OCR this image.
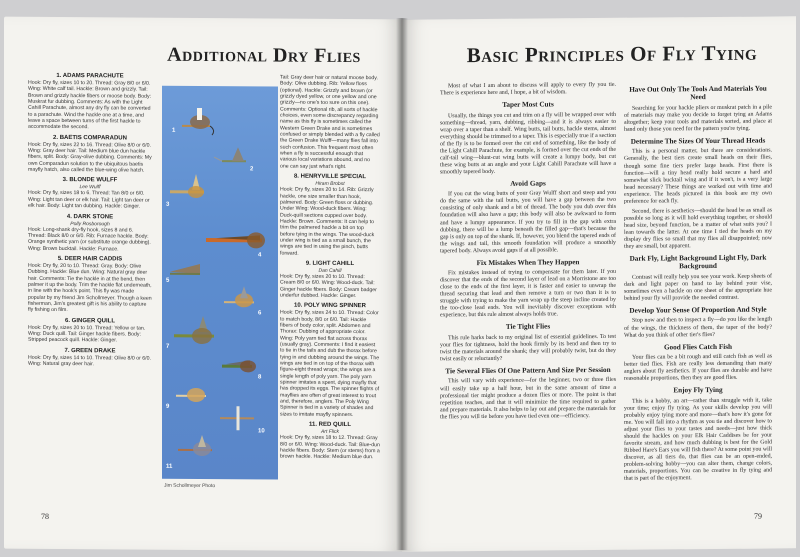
Additional Dry Flies
1. ADAMS PARACHUTE

Hook: Dry fly, sizes 10 to 20. Thread: Gray 8/0 or 6/0. Wing: White calf tail. Hackle: Brown and grizzly. Tail: Brown and grizzly hackle fibers or moose body. Body: Muskrat fur dubbing. Comments: As with the Light Cahill Parachute, almost any dry fly can be converted to a parachute. Wind the hackle one at a time, and leave a space between turns of the first hackle to accommodate the second.

2. BAETIS COMPARADUN

Hook: Dry fly, sizes 22 to 16. Thread: Olive 8/0 or 6/0. Wing: Gray deer hair. Tail: Medium blue dun hackle fibers, split. Body: Gray-olive dubbing. Comments: My own Comparadun solution to the ubiquitous baetis mayfly hatch, also called the blue-wing olive hatch.

3. BLONDE WULFF
Lee Wulff

Hook: Dry fly, sizes 18 to 6. Thread: Tan 8/0 or 6/0. Wing: Light tan deer or elk hair. Tail: Light tan deer or elk hair. Body: Light tan dubbing. Hackle: Ginger.

4. DARK STONE
Polly Rosborough

Hook: Long-shank dry-fly hook, sizes 8 and 6. Thread: Black 8/0 or 6/0. Rib: Furnace hackle. Body: Orange synthetic yarn (or substitute orange dubbing). Wing: Brown bucktail. Hackle: Furnace.

5. DEER HAIR CADDIS

Hook: Dry fly, 20 to 10. Thread: Gray. Body: Olive Dubbing. Hackle: Blue dun. Wing: Natural gray deer hair. Comments: Tie the hackle in at the bend, then palmer it up the body. Trim the hackle flat underneath, in line with the hook's point. This fly was made popular by my friend Jim Schollmeyer. Though a keen fisherman, Jim's greatest gift is his ability to capture fly fishing on film.

6. GINGER QUILL

Hook: Dry fly, sizes 20 to 10. Thread: Yellow or tan. Wing: Duck quill. Tail: Ginger hackle fibers. Body: Stripped peacock quill. Hackle: Ginger.

7. GREEN DRAKE

Hook: Dry fly, sizes 14 to 10. Thread: Olive 8/0 or 6/0. Wing: Natural gray deer hair.

1
2
3
4
5
6
7
8
9
10
11
Jim Schollmeyer Photo

Tail: Gray deer hair or natural moose body. Body: Olive dubbing. Rib: Yellow floss (optional). Hackle: Grizzly and brown (or grizzly dyed yellow, or one yellow and one grizzly—no one's too sure on this one). Comments: Optional rib, all sorts of hackle choices, even some discrepancy regarding name as this fly is sometimes called the Western Green Drake and is sometimes confused or simply blended with a fly called the Green Drake Wulff—many flies fall into such confusion. This frequent most often when a fly is successful enough that various local variations abound, and no one can say just what's right.

8. HENRYVILLE SPECIAL
Hiram Brobst

Hook: Dry fly, sizes 20 to 14. Rib: Grizzly hackle, one size smaller than hook, palmered. Body: Green floss or dubbing. Under Wing: Wood-duck fibers. Wing: Duck-quill sections cupped over body. Hackle: Brown. Comments: It can help to trim the palmered hackle a bit on top before tying in the wings. The wood-duck under wing is tied as a small bunch, the wings are tied in using the pinch, butts forward.

9. LIGHT CAHILL
Dan Cahill

Hook: Dry fly, sizes 20 to 10. Thread: Cream 8/0 or 6/0. Wing: Wood-duck. Tail: Ginger hackle fibers. Body: Cream badger underfur dubbed. Hackle: Ginger.

10. POLY WING SPINNER

Hook: Dry fly, sizes 24 to 10. Thread: Color to match body, 8/0 or 6/0. Tail: Hackle fibers of body color, split. Abdomen and Thorax: Dubbing of appropriate color. Wing: Poly yarn tied flat across thorax (usually gray). Comments: I find it easiest to tie in the tails and dub the thorax before tying in and dubbing around the wings. The wings are tied in on top of the thorax with figure-eight thread wraps; the wings are a single length of poly yarn. The poly yarn spinner imitates a spent, dying mayfly that has dropped its eggs. The spinner flights of mayflies are often of great interest to trout and, therefore, anglers. The Poly Wing Spinner is tied in a variety of shades and sizes to imitate mayfly spinners.

11. RED QUILL
Art Flick

Hook: Dry fly, sizes 18 to 12. Thread: Gray 8/0 or 6/0. Wing: Wood-duck. Tail: Blue-dun hackle fibers. Body: Stem (or stems) from a brown hackle. Hackle: Medium blue dun.

78
Basic Principles Of Fly Tying

Most of what I am about to discuss will apply to every fly you tie. There is experience here and, I hope, a bit of wisdom.

Taper Most Cuts

Usually, the things you cut and trim on a fly will be wrapped over with something—thread, yarn, dubbing, ribbing—and it is always easier to wrap over a taper than a shelf. Wing butts, tail butts, hackle stems, almost everything should be trimmed to a taper. This is especially true if a section of the fly is to be formed over the cut end of something, like the body of the Light Cahill Parachute, for example, is formed over the cut ends of the calf-tail wing—blunt-cut wing butts will create a lumpy body, but cut these wing butts at an angle and your Light Cahill Parachute will have a smoothly tapered body.

Avoid Gaps

If you cut the wing butts of your Gray Wulff short and steep and you do the same with the tail butts, you will have a gap between the two consisting of only shank and a bit of thread. The body you dub over this foundation will also have a gap; this body will also be awkward to form and have a lumpy appearance. If you try to fill in the gap with extra dubbing, there will be a lump beneath the filled gap—that's because the gap is only on top of the shank. If, however, you blend the tapered ends of the wings and tail, this smooth foundation will produce a smoothly tapered body. Always avoid gaps if at all possible.

Fix Mistakes When They Happen

Fix mistakes instead of trying to compensate for them later. If you discover that the ends of the second layer of lead on a Morristone are too close to the ends of the first layer, it is faster and easier to unwrap the thread securing that lead and then remove a turn or two than it is to struggle with trying to make the yarn wrap up the steep incline created by the too-close lead ends. You will inevitably discover exceptions with experience, but this rule almost always holds true.

Tie Tight Flies

This rule harks back to my original list of essential guidelines. To test your flies for tightness, hold the hook firmly by its bend and then try to twist the materials around the shank; they will probably twist, but do they twist easily or reluctantly?

Tie Several Flies Of One Pattern And Size Per Session

This will vary with experience—for the beginner, two or three flies will easily take up a half hour, but in the same amount of time a professional tier might produce a dozen flies or more. The point is that repetition teaches, and that it will minimize the time required to gather and prepare materials. It also helps to lay out and prepare the materials for the flies you will tie before you have tied even one—efficiency.

Have Out Only The Tools And Materials You Need

Searching for your hackle pliers or muskrat patch in a pile of materials may make you decide to forget tying an Adams altogether; keep your tools and materials sorted, and place at hand only those you need for the pattern you're tying.

Determine The Sizes Of Your Thread Heads

This is a personal matter, but there are considerations. Generally, the best tiers create small heads on their flies, though some fine tiers prefer large heads. First there is function—will a tiny head really hold secure a hard and somewhat slick bucktail wing and if it won't, is a very large head necessary? These things are worked out with time and experience. The heads pictured in this book are my own preference for each fly.

Second, there is aesthetics—should the head be as small as possible so long as it will hold everything together, or should head size, beyond function, be a matter of what suits you? I lean towards the latter. At one time I tied the heads on my display dry flies so small that my flies all disappointed; now they are small, but apparent.

Dark Fly, Light Background Light Fly, Dark Background

Contrast will really help you see your work. Keep sheets of dark and light paper on hand to lay behind your vise, sometimes even a hackle on one sheet of the appropriate hue behind your fly will provide the needed contrast.

Develop Your Sense Of Proportion And Style

Stop now and then to inspect a fly—do you like the length of the wings, the thickness of them, the taper of the body? What do you think of other tier's flies?

Good Flies Catch Fish

Your flies can be a bit rough and still catch fish as well as better tied flies. Fish are really less demanding than many anglers about fly aesthetics. If your flies are durable and have reasonable proportions, then they are good flies.

Enjoy Fly Tying

This is a hobby, an art—rather than struggle with it, take your time; enjoy fly tying. As your skills develop you will probably enjoy tying more and more—that's how it's gone for me. You will fall into a rhythm as you tie and discover how to adjust your flies to your tastes and needs—just how thick should the hackles on your Elk Hair Caddises be for your favorite stream, and how much dubbing is best for the Gold Ribbed Hare's Ears you will fish there? At some point you will discover, as all tiers do, that flies can be an open-ended, problem-solving hobby—you can alter them, change colors, materials, proportions. You can be creative in fly tying and that is part of the enjoyment.

79
